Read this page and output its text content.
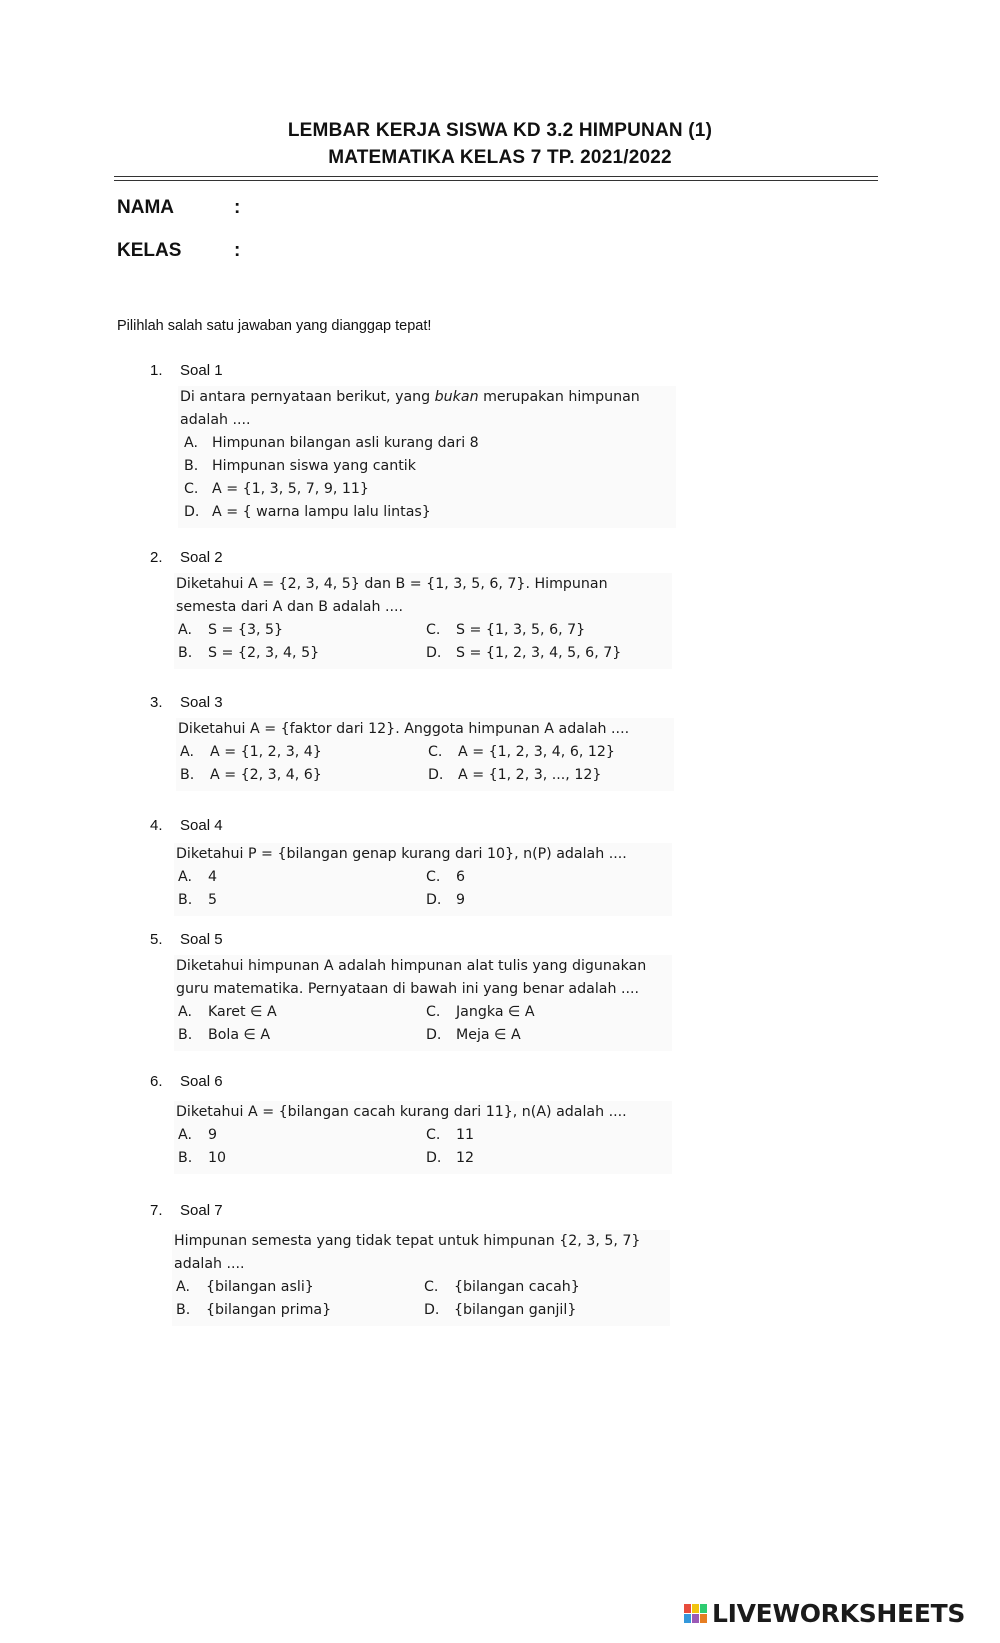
LEMBAR KERJA SISWA KD 3.2 HIMPUNAN (1)
MATEMATIKA KELAS 7 TP. 2021/2022
NAMA	:
KELAS	:
Pilihlah salah satu jawaban yang dianggap tepat!
1. Soal 1

Di antara pernyataan berikut, yang bukan merupakan himpunan adalah ....

A. Himpunan bilangan asli kurang dari 8
B. Himpunan siswa yang cantik
C. A = {1, 3, 5, 7, 9, 11}
D. A = { warna lampu lalu lintas}
2. Soal 2

Diketahui A = {2, 3, 4, 5} dan B = {1, 3, 5, 6, 7}. Himpunan semesta dari A dan B adalah ....

A. S = {3, 5}
B. S = {2, 3, 4, 5}
C. S = {1, 3, 5, 6, 7}
D. S = {1, 2, 3, 4, 5, 6, 7}
3. Soal 3

Diketahui A = {faktor dari 12}. Anggota himpunan A adalah ....

A. A = {1, 2, 3, 4}
B. A = {2, 3, 4, 6}
C. A = {1, 2, 3, 4, 6, 12}
D. A = {1, 2, 3, ..., 12}
4. Soal 4

Diketahui P = {bilangan genap kurang dari 10}, n(P) adalah ....

A. 4
B. 5
C. 6
D. 9
5. Soal 5

Diketahui himpunan A adalah himpunan alat tulis yang digunakan guru matematika. Pernyataan di bawah ini yang benar adalah ....

A. Karet ∈ A
B. Bola ∈ A
C. Jangka ∈ A
D. Meja ∈ A
6. Soal 6

Diketahui A = {bilangan cacah kurang dari 11}, n(A) adalah ....

A. 9
B. 10
C. 11
D. 12
7. Soal 7

Himpunan semesta yang tidak tepat untuk himpunan {2, 3, 5, 7} adalah ....

A. {bilangan asli}
B. {bilangan prima}
C. {bilangan cacah}
D. {bilangan ganjil}
LIVEWORKSHEETS
